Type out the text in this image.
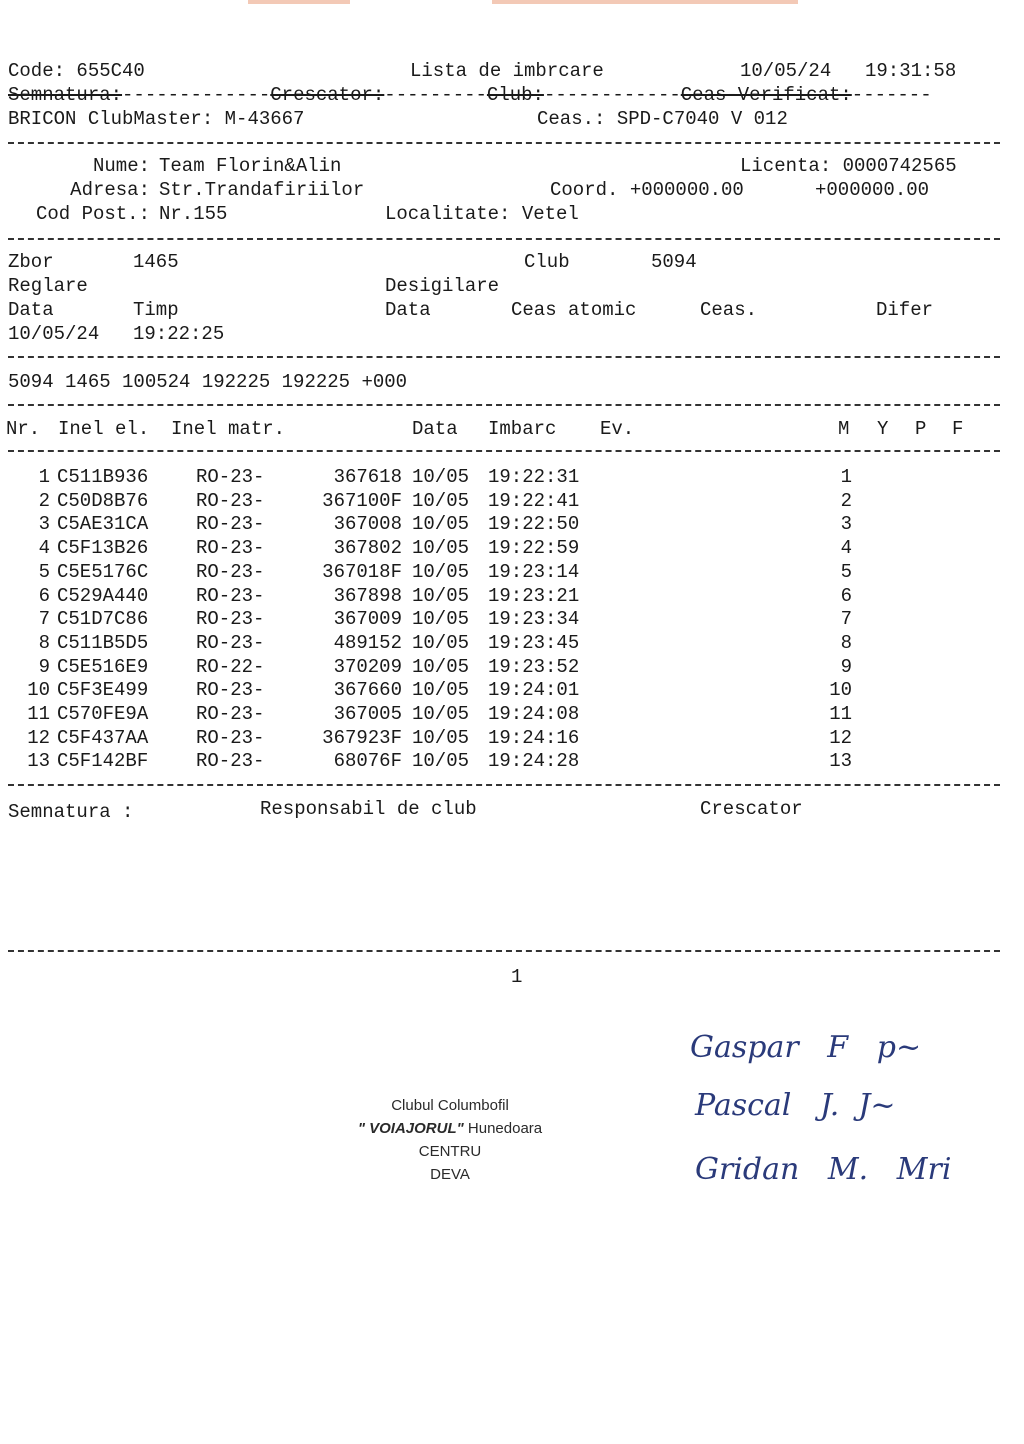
Code: 655C40	Lista de imbrcare	10/05/24 19:31:58
Semnatura:-------------Crescator:---------Club:------------Ceas-Verificat:-------
BRICON ClubMaster: M-43667	Ceas.: SPD-C7040 V 012
Nume: Team Florin&Alin	Licenta: 0000742565
Adresa: Str.Trandafiriilor	Coord. +000000.00	+000000.00
Cod Post.: Nr.155	Localitate: Vetel
Zbor	1465	Club	5094
Reglare	Desigilare
Data	Timp	Data	Ceas atomic	Ceas.	Difer
10/05/24 19:22:25
5094 1465 100524 192225 192225 +000
Nr. Inel el. Inel matr.	Data Imbarc Ev.	M Y P F
1 C511B936	RO-23-	367618 10/05 19:22:31	1
2 C50D8B76	RO-23-	367100F 10/05 19:22:41	2
3 C5AE31CA	RO-23-	367008 10/05 19:22:50	3
4 C5F13B26	RO-23-	367802 10/05 19:22:59	4
5 C5E5176C	RO-23-	367018F 10/05 19:23:14	5
6 C529A440	RO-23-	367898 10/05 19:23:21	6
7 C51D7C86	RO-23-	367009 10/05 19:23:34	7
8 C511B5D5	RO-23-	489152 10/05 19:23:45	8
9 C5E516E9	RO-22-	370209 10/05 19:23:52	9
10 C5F3E499	RO-23-	367660 10/05 19:24:01	10
11 C570FE9A	RO-23-	367005 10/05 19:24:08	11
12 C5F437AA	RO-23-	367923F 10/05 19:24:16	12
13 C5F142BF	RO-23-	68076F 10/05 19:24:28	13
Semnatura :	Responsabil de club	Crescator
1
Clubul Columbofil
" VOIAJORUL" Hunedoara
CENTRU
DEVA
Gaspar F p~
Pascal J. J~
Gridan M. Mri
